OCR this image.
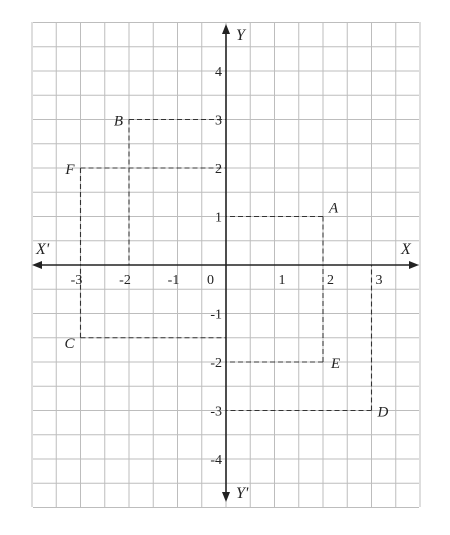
X
X'
Y
Y'
0
-3	-2	-1	1	2	3
4
3
2
1
-1
-2
-3
-4
A
B
F
C
E
D
